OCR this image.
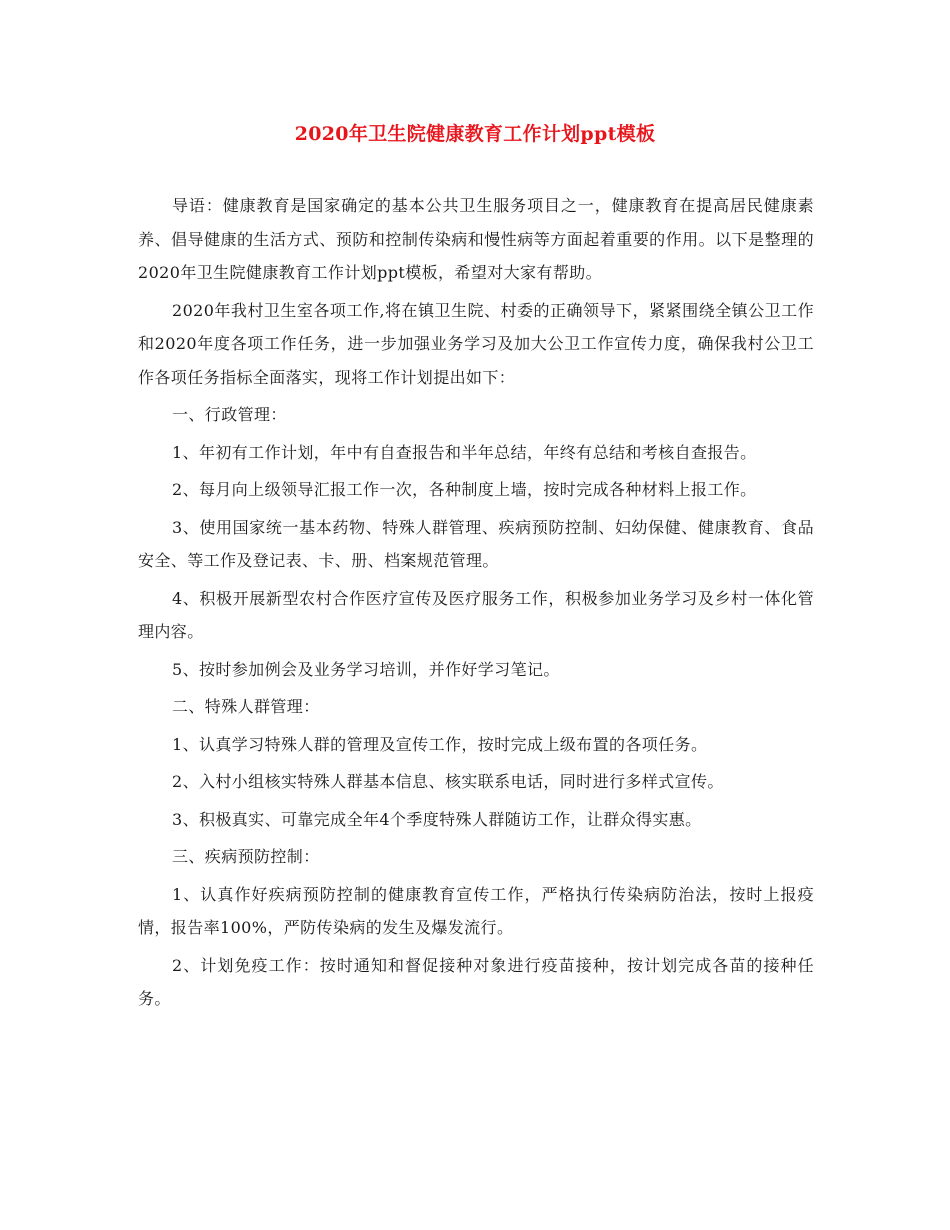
2020年卫生院健康教育工作计划ppt模板

导语：健康教育是国家确定的基本公共卫生服务项目之一，健康教育在提高居民健康素养、倡导健康的生活方式、预防和控制传染病和慢性病等方面起着重要的作用。以下是整理的2020年卫生院健康教育工作计划ppt模板，希望对大家有帮助。

2020年我村卫生室各项工作,将在镇卫生院、村委的正确领导下，紧紧围绕全镇公卫工作和2020年度各项工作任务，进一步加强业务学习及加大公卫工作宣传力度，确保我村公卫工作各项任务指标全面落实，现将工作计划提出如下：

一、行政管理：

1、年初有工作计划，年中有自查报告和半年总结，年终有总结和考核自查报告。

2、每月向上级领导汇报工作一次，各种制度上墙，按时完成各种材料上报工作。

3、使用国家统一基本药物、特殊人群管理、疾病预防控制、妇幼保健、健康教育、食品安全、等工作及登记表、卡、册、档案规范管理。

4、积极开展新型农村合作医疗宣传及医疗服务工作，积极参加业务学习及乡村一体化管理内容。

5、按时参加例会及业务学习培训，并作好学习笔记。

二、特殊人群管理：

1、认真学习特殊人群的管理及宣传工作，按时完成上级布置的各项任务。

2、入村小组核实特殊人群基本信息、核实联系电话，同时进行多样式宣传。

3、积极真实、可靠完成全年4个季度特殊人群随访工作，让群众得实惠。

三、疾病预防控制：

1、认真作好疾病预防控制的健康教育宣传工作，严格执行传染病防治法，按时上报疫情，报告率100%，严防传染病的发生及爆发流行。

2、计划免疫工作：按时通知和督促接种对象进行疫苗接种，按计划完成各苗的接种任务。
